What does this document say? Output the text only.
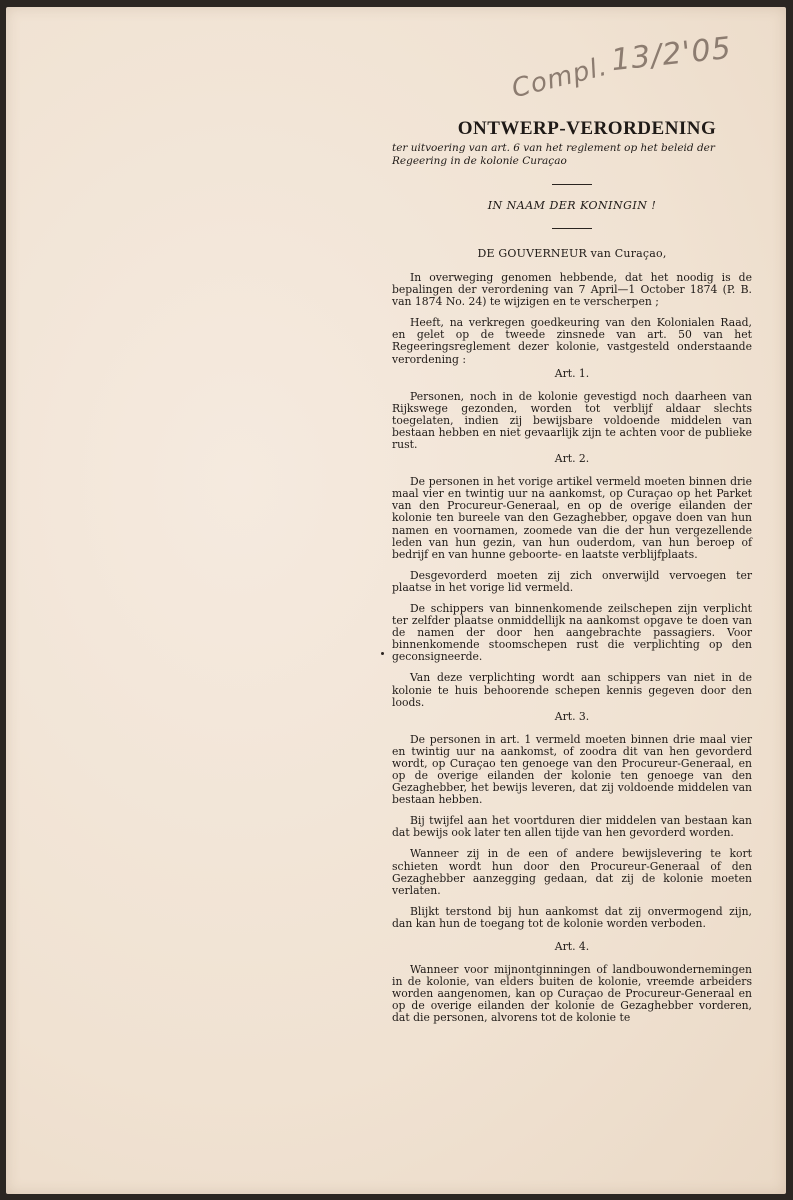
Compl.
13/2'05
ONTWERP-VERORDENING

ter uitvoering van art. 6 van het reglement op het beleid der Regeering in de kolonie Curaçao

IN NAAM DER KONINGIN !
DE GOUVERNEUR van Curaçao,

In overweging genomen hebbende, dat het noodig is de bepalingen der verordening van 7 April—1 October 1874 (P. B. van 1874 No. 24) te wijzigen en te verscherpen ;

Heeft, na verkregen goedkeuring van den Kolonialen Raad, en gelet op de tweede zinsnede van art. 50 van het Regeeringsreglement dezer kolonie, vastgesteld onderstaande verordening :

Art. 1.

Personen, noch in de kolonie gevestigd noch daarheen van Rijkswege gezonden, worden tot verblijf aldaar slechts toegelaten, indien zij bewijsbare voldoende middelen van bestaan hebben en niet gevaarlijk zijn te achten voor de publieke rust.

Art. 2.

De personen in het vorige artikel vermeld moeten binnen drie maal vier en twintig uur na aankomst, op Curaçao op het Parket van den Procureur-Generaal, en op de overige eilanden der kolonie ten bureele van den Gezaghebber, opgave doen van hun namen en voornamen, zoomede van die der hun vergezellende leden van hun gezin, van hun ouderdom, van hun beroep of bedrijf en van hunne geboorte- en laatste verblijfplaats.

Desgevorderd moeten zij zich onverwijld vervoegen ter plaatse in het vorige lid vermeld.

De schippers van binnenkomende zeilschepen zijn verplicht ter zelfder plaatse onmiddellijk na aankomst opgave te doen van de namen der door hen aangebrachte passagiers. Voor binnenkomende stoomschepen rust die verplichting op den geconsigneerde.

Van deze verplichting wordt aan schippers van niet in de kolonie te huis behoorende schepen kennis gegeven door den loods.

Art. 3.

De personen in art. 1 vermeld moeten binnen drie maal vier en twintig uur na aankomst, of zoodra dit van hen gevorderd wordt, op Curaçao ten genoege van den Procureur-Generaal, en op de overige eilanden der kolonie ten genoege van den Gezaghebber, het bewijs leveren, dat zij voldoende middelen van bestaan hebben.

Bij twijfel aan het voortduren dier middelen van bestaan kan dat bewijs ook later ten allen tijde van hen gevorderd worden.

Wanneer zij in de een of andere bewijslevering te kort schieten wordt hun door den Procureur-Generaal of den Gezaghebber aanzegging gedaan, dat zij de kolonie moeten verlaten.

Blijkt terstond bij hun aankomst dat zij onvermogend zijn, dan kan hun de toegang tot de kolonie worden verboden.

Art. 4.

Wanneer voor mijnontginningen of landbouwondernemingen in de kolonie, van elders buiten de kolonie, vreemde arbeiders worden aangenomen, kan op Curaçao de Procureur-Generaal en op de overige eilanden der kolonie de Gezaghebber vorderen, dat die personen, alvorens tot de kolonie te
